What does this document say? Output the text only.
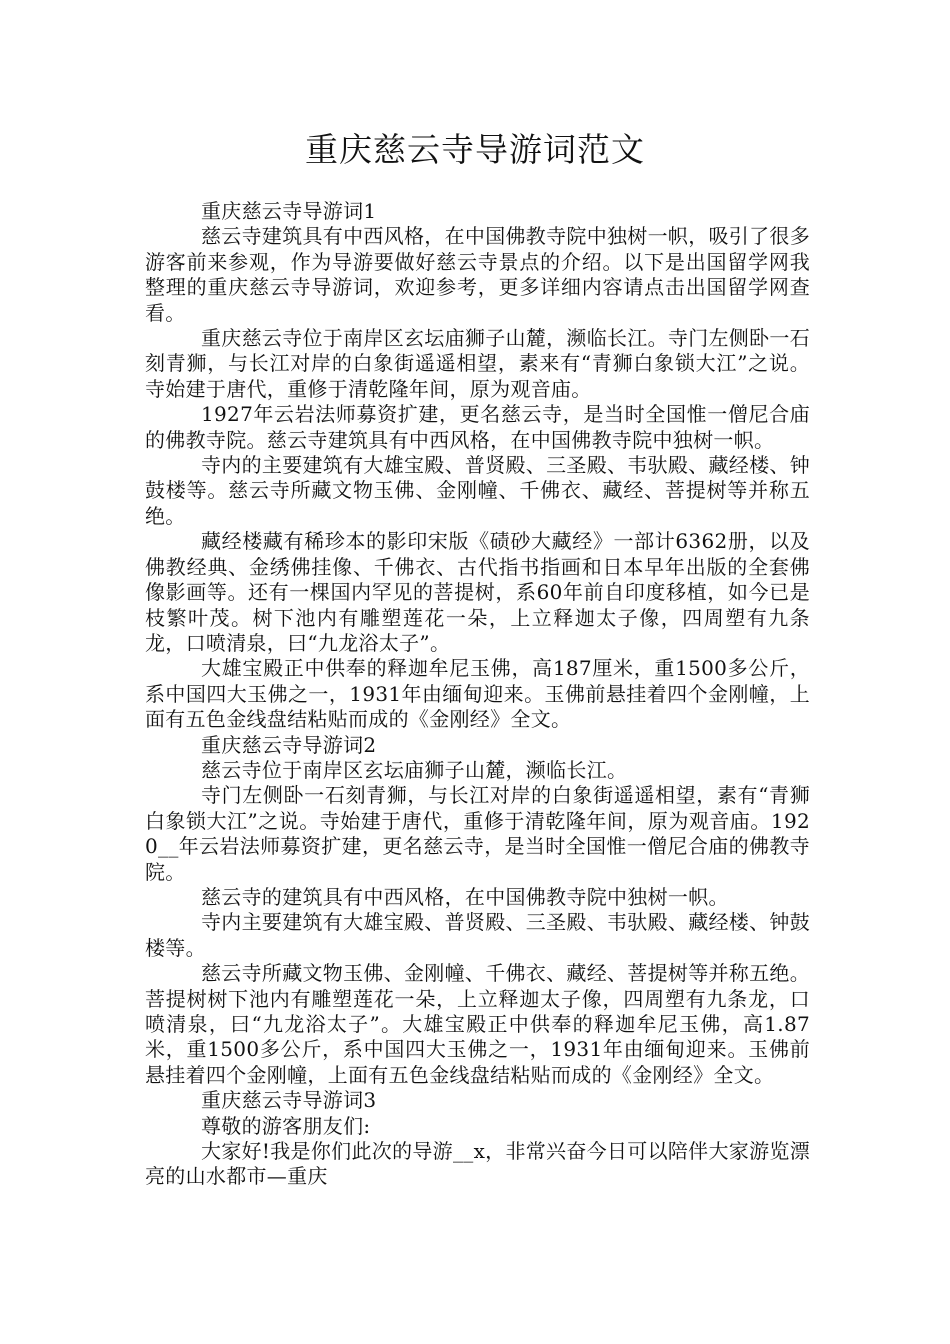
重庆慈云寺导游词范文

重庆慈云寺导游词1

慈云寺建筑具有中西风格，在中国佛教寺院中独树一帜，吸引了很多游客前来参观，作为导游要做好慈云寺景点的介绍。以下是出国留学网我整理的重庆慈云寺导游词，欢迎参考，更多详细内容请点击出国留学网查看。

重庆慈云寺位于南岸区玄坛庙狮子山麓，濒临长江。寺门左侧卧一石刻青狮，与长江对岸的白象街遥遥相望，素来有“青狮白象锁大江”之说。寺始建于唐代，重修于清乾隆年间，原为观音庙。

1927年云岩法师募资扩建，更名慈云寺，是当时全国惟一僧尼合庙的佛教寺院。慈云寺建筑具有中西风格，在中国佛教寺院中独树一帜。

寺内的主要建筑有大雄宝殿、普贤殿、三圣殿、韦驮殿、藏经楼、钟鼓楼等。慈云寺所藏文物玉佛、金刚幢、千佛衣、藏经、菩提树等并称五绝。

藏经楼藏有稀珍本的影印宋版《碛砂大藏经》一部计6362册，以及佛教经典、金绣佛挂像、千佛衣、古代指书指画和日本早年出版的全套佛像影画等。还有一棵国内罕见的菩提树，系60年前自印度移植，如今已是枝繁叶茂。树下池内有雕塑莲花一朵，上立释迦太子像，四周塑有九条龙，口喷清泉，曰“九龙浴太子”。

大雄宝殿正中供奉的释迦牟尼玉佛，高187厘米，重1500多公斤，系中国四大玉佛之一，1931年由缅甸迎来。玉佛前悬挂着四个金刚幢，上面有五色金线盘结粘贴而成的《金刚经》全文。

重庆慈云寺导游词2

慈云寺位于南岸区玄坛庙狮子山麓，濒临长江。

寺门左侧卧一石刻青狮，与长江对岸的白象街遥遥相望，素有“青狮白象锁大江”之说。寺始建于唐代，重修于清乾隆年间，原为观音庙。1920__年云岩法师募资扩建，更名慈云寺，是当时全国惟一僧尼合庙的佛教寺院。

慈云寺的建筑具有中西风格，在中国佛教寺院中独树一帜。

寺内主要建筑有大雄宝殿、普贤殿、三圣殿、韦驮殿、藏经楼、钟鼓楼等。

慈云寺所藏文物玉佛、金刚幢、千佛衣、藏经、菩提树等并称五绝。菩提树树下池内有雕塑莲花一朵，上立释迦太子像，四周塑有九条龙，口喷清泉，曰“九龙浴太子”。大雄宝殿正中供奉的释迦牟尼玉佛，高1.87米，重1500多公斤，系中国四大玉佛之一，1931年由缅甸迎来。玉佛前悬挂着四个金刚幢，上面有五色金线盘结粘贴而成的《金刚经》全文。

重庆慈云寺导游词3

尊敬的游客朋友们:

大家好!我是你们此次的导游__x，非常兴奋今日可以陪伴大家游览漂亮的山水都市—重庆
